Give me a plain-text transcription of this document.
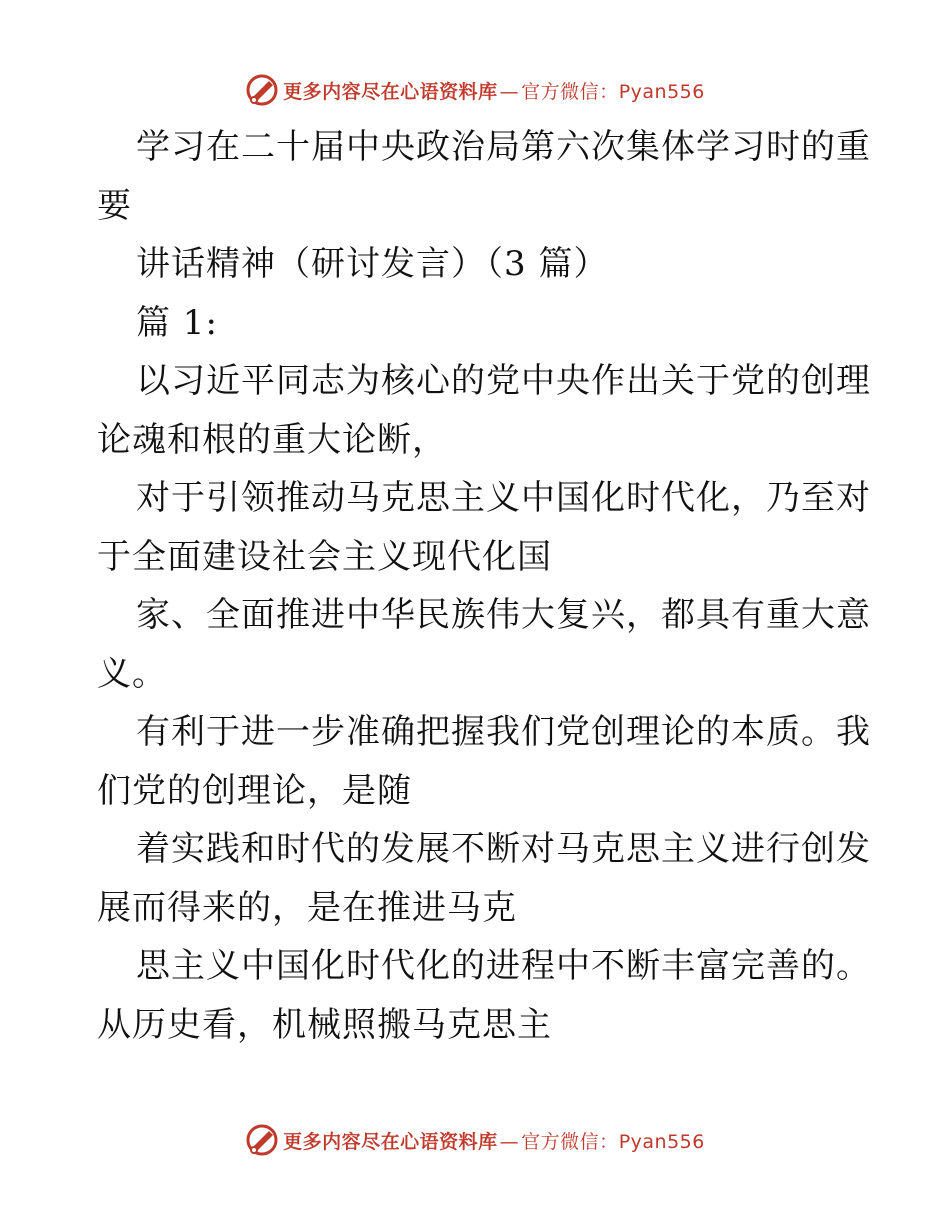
更多内容尽在心语资料库 — 官方微信：Pyan556
学习在二十届中央政治局第六次集体学习时的重
要
讲话精神（研讨发言）（3 篇）
篇 1:
以习近平同志为核心的党中央作出关于党的创理
论魂和根的重大论断，
对于引领推动马克思主义中国化时代化，乃至对
于全面建设社会主义现代化国
家、全面推进中华民族伟大复兴，都具有重大意
义。
有利于进一步准确把握我们党创理论的本质。我
们党的创理论，是随
着实践和时代的发展不断对马克思主义进行创发
展而得来的，是在推进马克
思主义中国化时代化的进程中不断丰富完善的。
从历史看，机械照搬马克思主
更多内容尽在心语资料库 — 官方微信：Pyan556
